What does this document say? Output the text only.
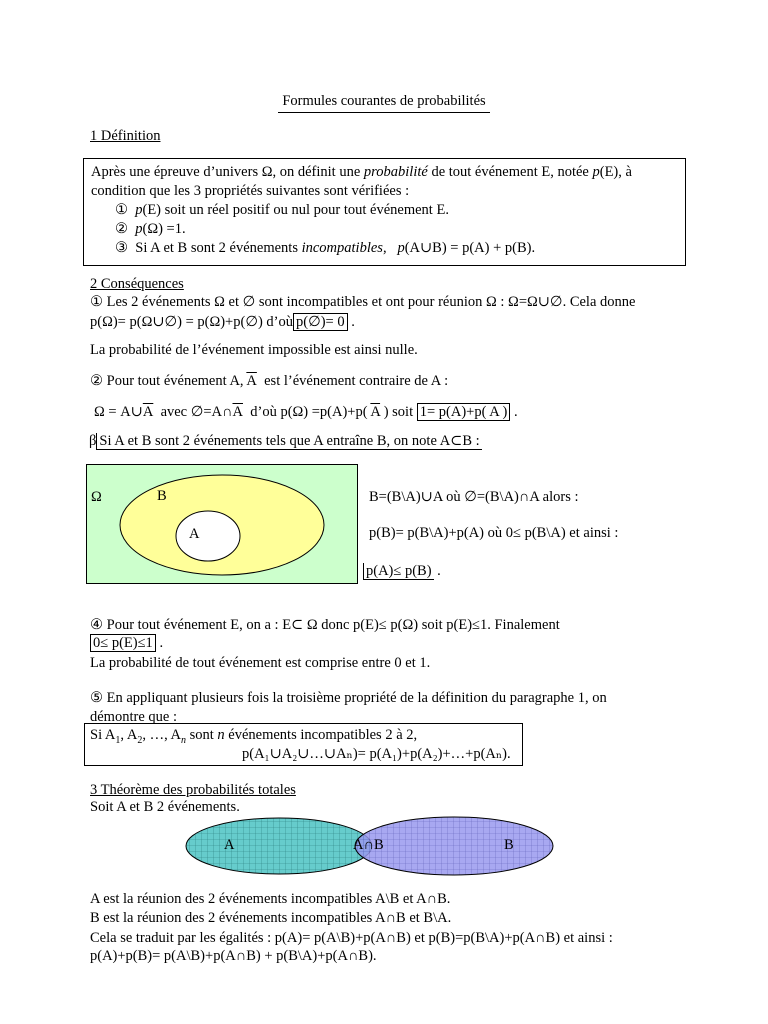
Formules courantes de probabilités
1 Définition
Après une épreuve d’univers Ω, on définit une probabilité de tout événement E, notée p(E), à
condition que les 3 propriétés suivantes sont vérifiées :
① p(E) soit un réel positif ou nul pour tout événement E.
② p(Ω) =1.
③ Si A et B sont 2 événements incompatibles,   p(A∪B) = p(A) + p(B).
2 Conséquences
① Les 2 événements Ω et ∅ sont incompatibles et ont pour réunion Ω : Ω=Ω∪∅. Cela donne
p(Ω)= p(Ω∪∅) = p(Ω)+p(∅) d’où p(∅)= 0 .
La probabilité de l’événement impossible est ainsi nulle.
② Pour tout événement A, $\overline{A}$ est l’événement contraire de A :
$\Omega = A\cup\overline{A}$ avec $\emptyset=A\cap\overline{A}$ d’où p(Ω) =p(A)+p( $\overline{A}$ ) soit 1= p(A)+p( $\overline{A}$ ) .
β Si A et B sont 2 événements tels que A entraîne B, on note A⊂B :
Ω	B
A
B=(B\A)∪A où ∅=(B\A)∩A alors :
p(B)= p(B\A)+p(A) où 0≤ p(B\A) et ainsi :
p(A)≤ p(B) .
④ Pour tout événement E, on a : E⊂ Ω donc p(E)≤ p(Ω) soit p(E)≤1. Finalement
0≤ p(E)≤1 .
La probabilité de tout événement est comprise entre 0 et 1.
⑤ En appliquant plusieurs fois la troisième propriété de la définition du paragraphe 1, on
démontre que :
Si $A_1$, $A_2$, …, $A_n$ sont n événements incompatibles 2 à 2,
p(A₁∪A₂∪…∪Aₙ)= p(A₁)+p(A₂)+…+p(Aₙ).
3 Théorème des probabilités totales
Soit A et B 2 événements.
A	A∩B	B
A est la réunion des 2 événements incompatibles A\B et A∩B.
B est la réunion des 2 événements incompatibles A∩B et B\A.
Cela se traduit par les égalités : p(A)= p(A\B)+p(A∩B) et p(B)=p(B\A)+p(A∩B) et ainsi :
p(A)+p(B)= p(A\B)+p(A∩B) + p(B\A)+p(A∩B).
